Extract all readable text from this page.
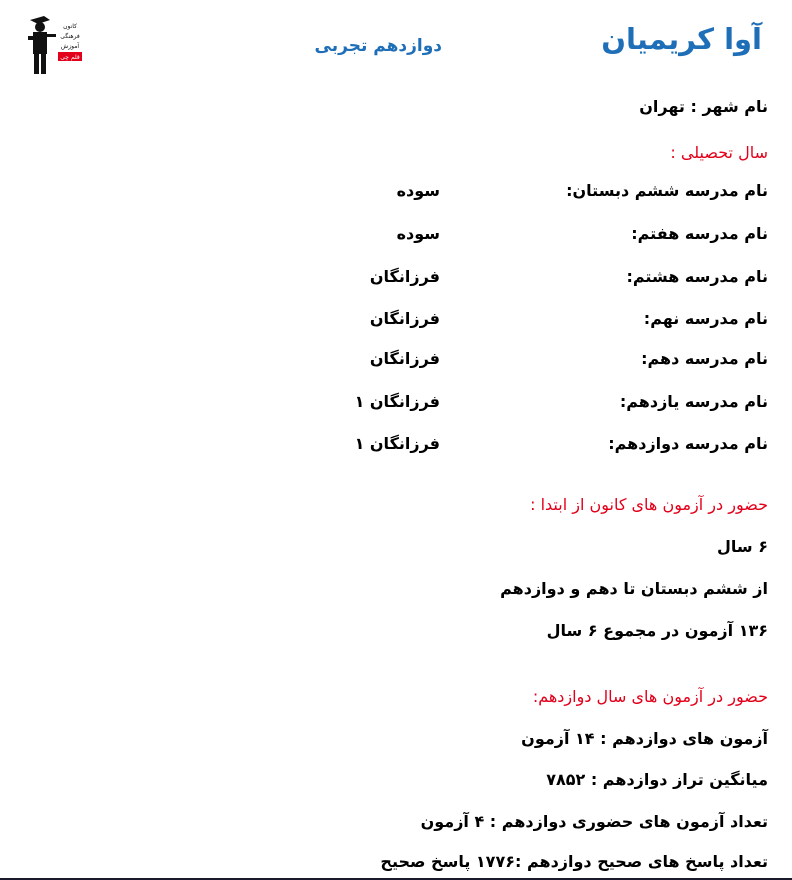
کانون
فرهنگی
آموزش
قلم چی
آوا کریمیان
دوازدهم تجربی
نام شهر : تهران
سال تحصیلی :
نام مدرسه ششم دبستان:
سوده
نام مدرسه هفتم:
سوده
نام مدرسه هشتم:
فرزانگان
نام مدرسه نهم:
فرزانگان
نام مدرسه دهم:
فرزانگان
نام مدرسه یازدهم:
فرزانگان ۱
نام مدرسه دوازدهم:
فرزانگان ۱
حضور در آزمون های کانون از ابتدا :
۶ سال
از ششم دبستان تا دهم و دوازدهم
۱۳۶ آزمون در مجموع ۶ سال
حضور در آزمون های سال دوازدهم:
آزمون های دوازدهم : ۱۴ آزمون
میانگین تراز دوازدهم : ۷۸۵۲
تعداد آزمون های حضوری دوازدهم : ۴ آزمون
تعداد پاسخ های صحیح دوازدهم :۱۷۷۶ پاسخ صحیح
